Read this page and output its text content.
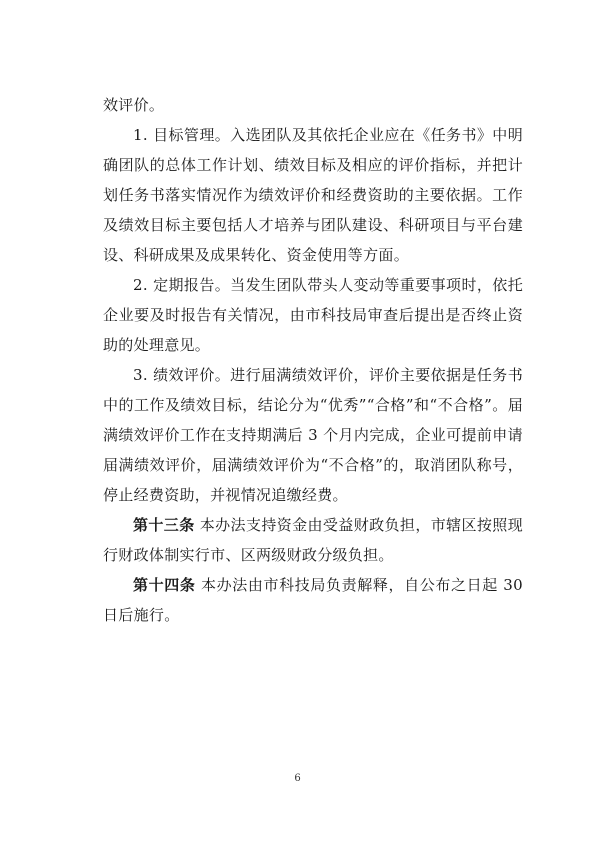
效评价。

1. 目标管理。入选团队及其依托企业应在《任务书》中明确团队的总体工作计划、绩效目标及相应的评价指标，并把计划任务书落实情况作为绩效评价和经费资助的主要依据。工作及绩效目标主要包括人才培养与团队建设、科研项目与平台建设、科研成果及成果转化、资金使用等方面。

2. 定期报告。当发生团队带头人变动等重要事项时，依托企业要及时报告有关情况，由市科技局审查后提出是否终止资助的处理意见。

3. 绩效评价。进行届满绩效评价，评价主要依据是任务书中的工作及绩效目标，结论分为“优秀”“合格”和“不合格”。届满绩效评价工作在支持期满后 3 个月内完成，企业可提前申请届满绩效评价，届满绩效评价为“不合格”的，取消团队称号，停止经费资助，并视情况追缴经费。

第十三条 本办法支持资金由受益财政负担，市辖区按照现行财政体制实行市、区两级财政分级负担。

第十四条 本办法由市科技局负责解释，自公布之日起 30 日后施行。

6
